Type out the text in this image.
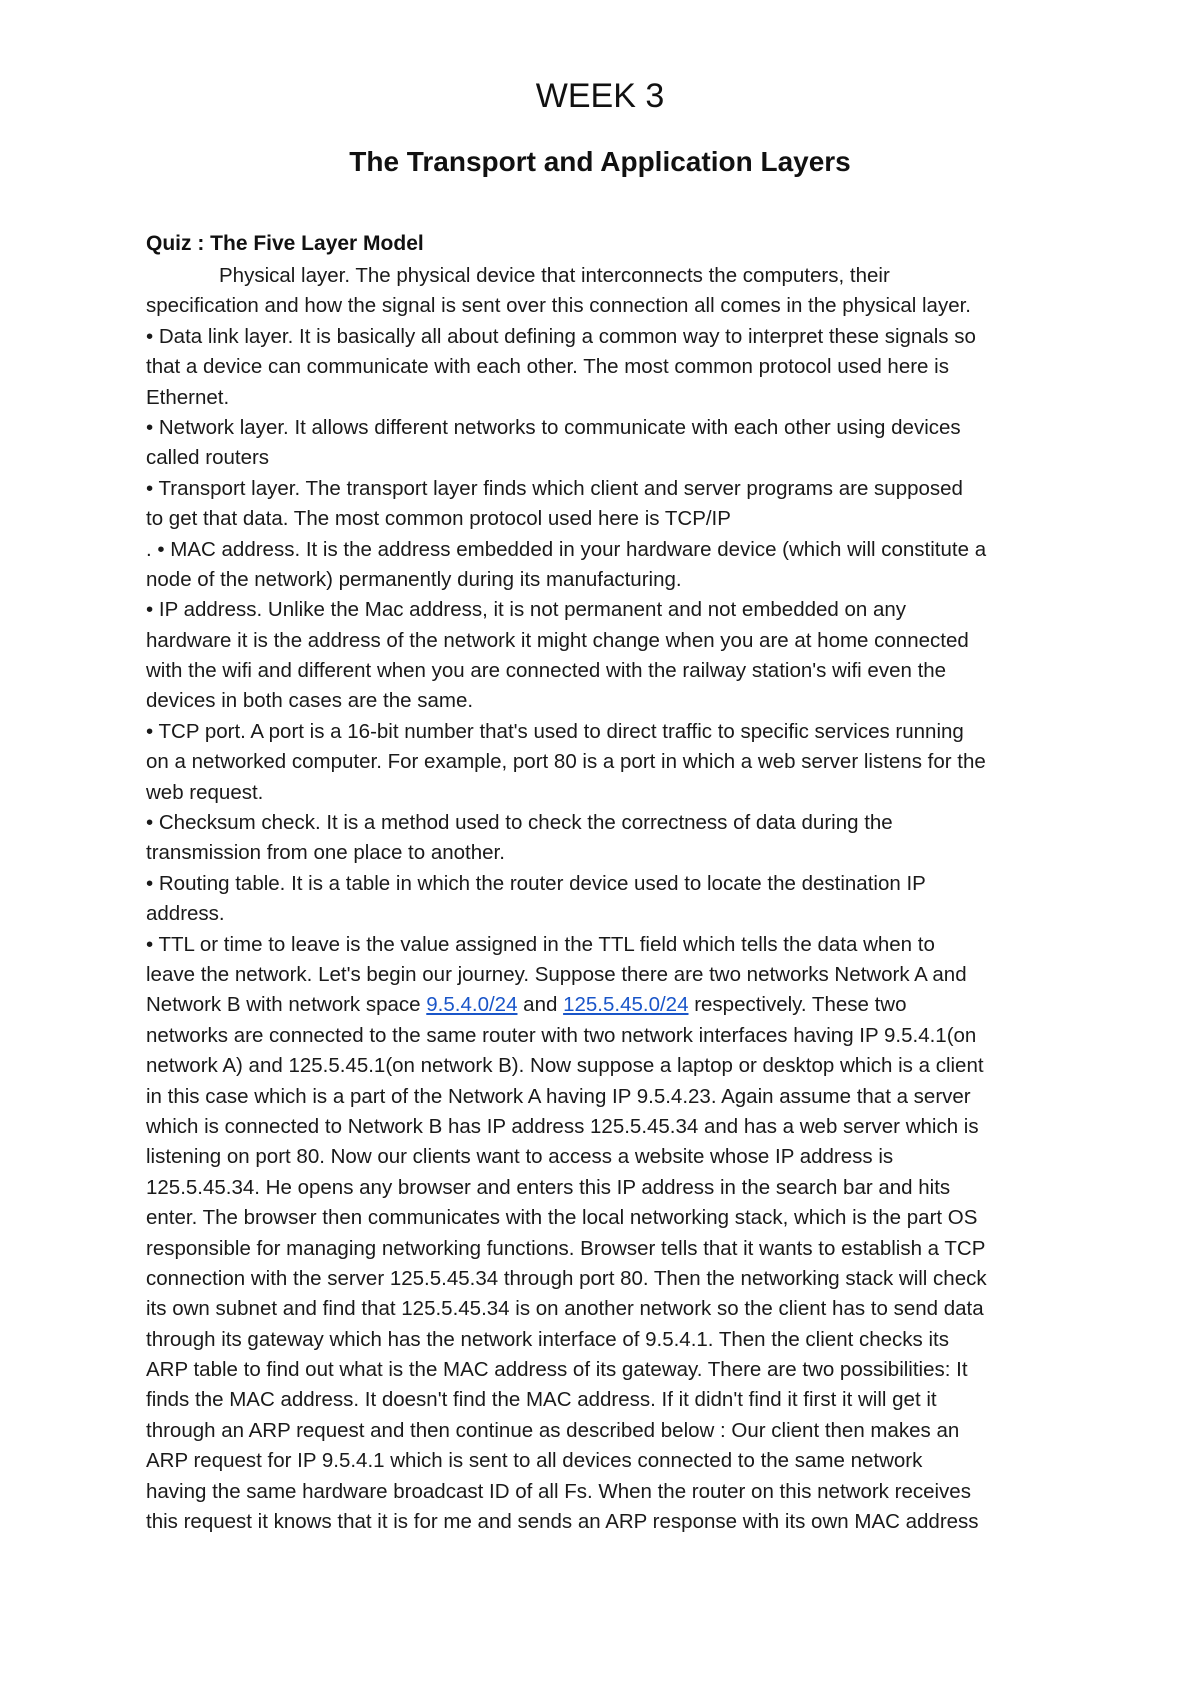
WEEK 3
The Transport and Application Layers
Quiz : The Five Layer Model
Physical layer. The physical device that interconnects the computers, their
specification and how the signal is sent over this connection all comes in the physical layer.
• Data link layer. It is basically all about defining a common way to interpret these signals so
that a device can communicate with each other. The most common protocol used here is
Ethernet.
• Network layer. It allows different networks to communicate with each other using devices
called routers
• Transport layer. The transport layer finds which client and server programs are supposed
to get that data. The most common protocol used here is TCP/IP
. • MAC address. It is the address embedded in your hardware device (which will constitute a
node of the network) permanently during its manufacturing.
• IP address. Unlike the Mac address, it is not permanent and not embedded on any
hardware it is the address of the network it might change when you are at home connected
with the wifi and different when you are connected with the railway station's wifi even the
devices in both cases are the same.
• TCP port. A port is a 16-bit number that's used to direct traffic to specific services running
on a networked computer. For example, port 80 is a port in which a web server listens for the
web request.
• Checksum check. It is a method used to check the correctness of data during the
transmission from one place to another.
• Routing table. It is a table in which the router device used to locate the destination IP
address.
• TTL or time to leave is the value assigned in the TTL field which tells the data when to
leave the network. Let's begin our journey. Suppose there are two networks Network A and
Network B with network space 9.5.4.0/24 and 125.5.45.0/24 respectively. These two
networks are connected to the same router with two network interfaces having IP 9.5.4.1(on
network A) and 125.5.45.1(on network B). Now suppose a laptop or desktop which is a client
in this case which is a part of the Network A having IP 9.5.4.23. Again assume that a server
which is connected to Network B has IP address 125.5.45.34 and has a web server which is
listening on port 80. Now our clients want to access a website whose IP address is
125.5.45.34. He opens any browser and enters this IP address in the search bar and hits
enter. The browser then communicates with the local networking stack, which is the part OS
responsible for managing networking functions. Browser tells that it wants to establish a TCP
connection with the server 125.5.45.34 through port 80. Then the networking stack will check
its own subnet and find that 125.5.45.34 is on another network so the client has to send data
through its gateway which has the network interface of 9.5.4.1. Then the client checks its
ARP table to find out what is the MAC address of its gateway. There are two possibilities: It
finds the MAC address. It doesn't find the MAC address. If it didn't find it first it will get it
through an ARP request and then continue as described below : Our client then makes an
ARP request for IP 9.5.4.1 which is sent to all devices connected to the same network
having the same hardware broadcast ID of all Fs. When the router on this network receives
this request it knows that it is for me and sends an ARP response with its own MAC address
